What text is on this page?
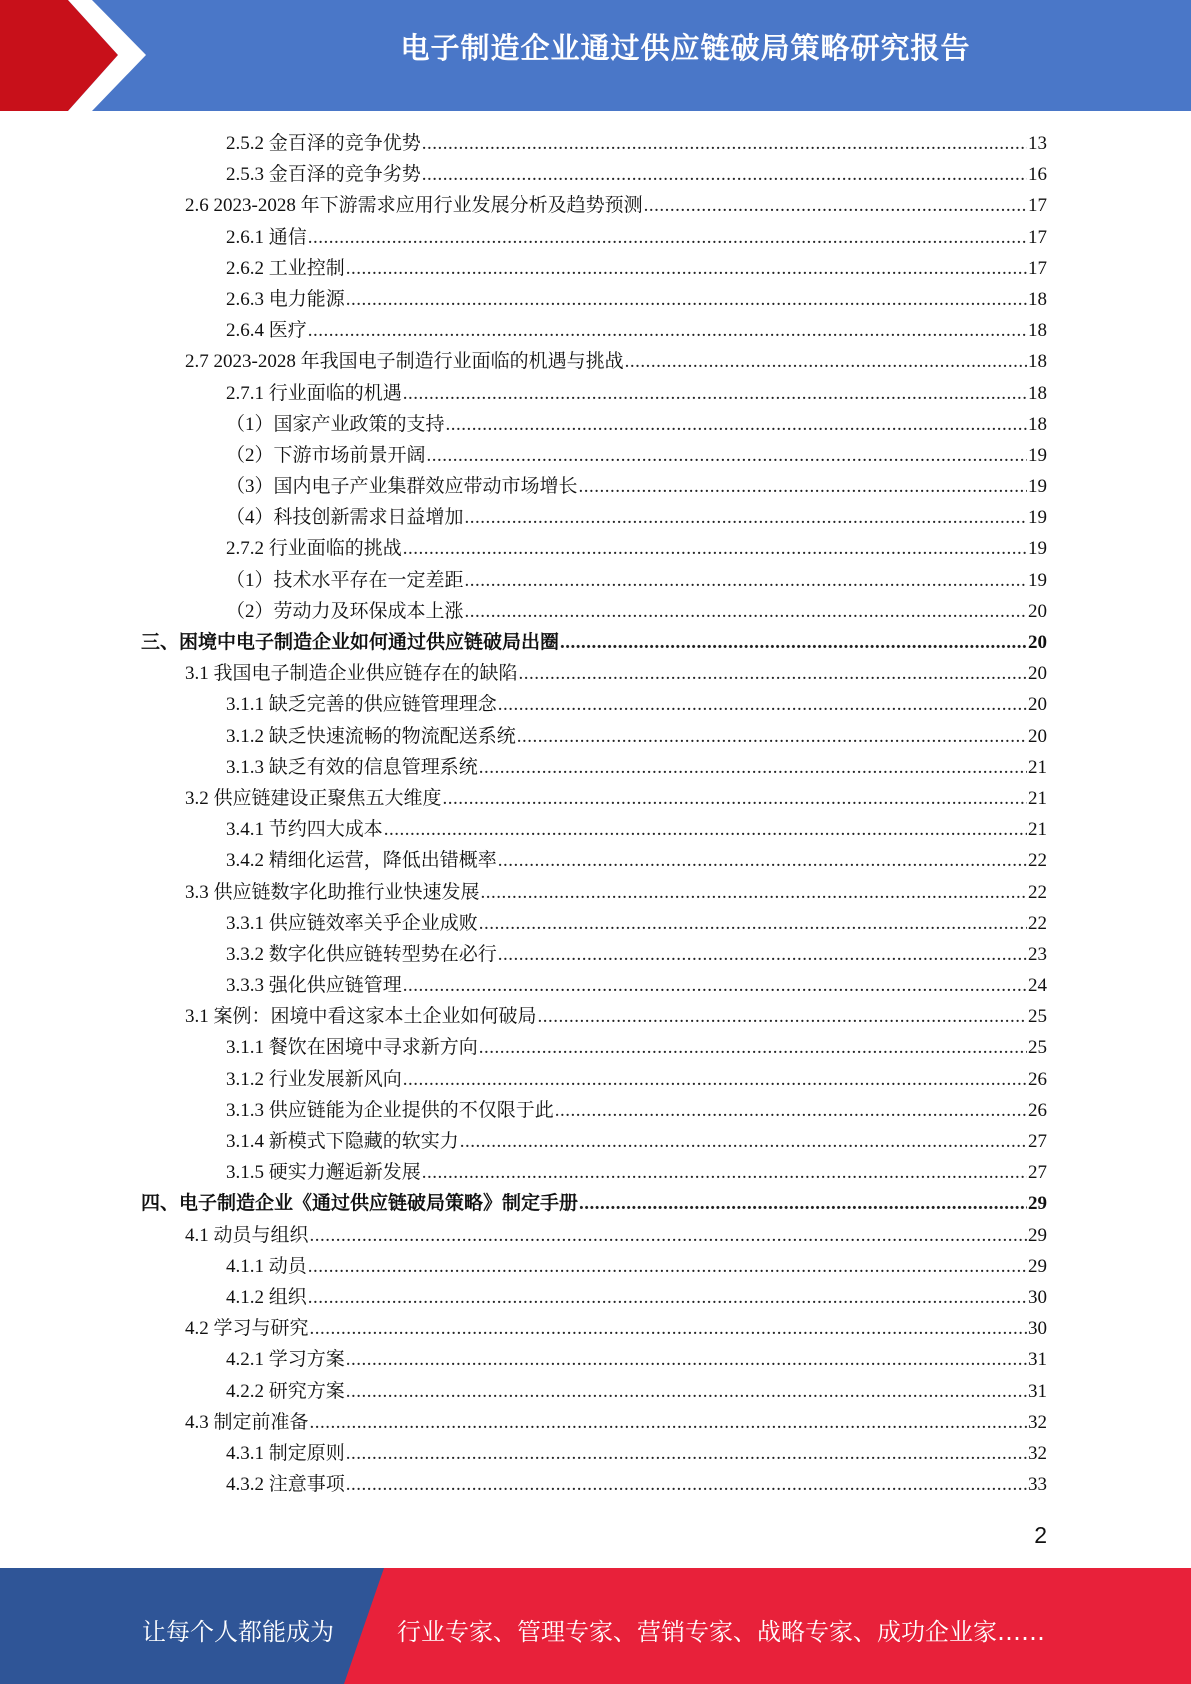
电子制造企业通过供应链破局策略研究报告
2.5.2 金百泽的竞争优势 .....	13
2.5.3 金百泽的竞争劣势 .....	16
2.6 2023-2028 年下游需求应用行业发展分析及趋势预测 .....	17
2.6.1 通信 .....	17
2.6.2 工业控制 .....	17
2.6.3 电力能源 .....	18
2.6.4 医疗 .....	18
2.7 2023-2028 年我国电子制造行业面临的机遇与挑战 .....	18
2.7.1 行业面临的机遇 .....	18
（1）国家产业政策的支持 .....	18
（2）下游市场前景开阔 .....	19
（3）国内电子产业集群效应带动市场增长 .....	19
（4）科技创新需求日益增加 .....	19
2.7.2 行业面临的挑战 .....	19
（1）技术水平存在一定差距 .....	19
（2）劳动力及环保成本上涨 .....	20
三、困境中电子制造企业如何通过供应链破局出圈 .....	20
3.1 我国电子制造企业供应链存在的缺陷 .....	20
3.1.1 缺乏完善的供应链管理理念 .....	20
3.1.2 缺乏快速流畅的物流配送系统 .....	20
3.1.3 缺乏有效的信息管理系统 .....	21
3.2 供应链建设正聚焦五大维度 .....	21
3.4.1 节约四大成本 .....	21
3.4.2 精细化运营，降低出错概率 .....	22
3.3 供应链数字化助推行业快速发展 .....	22
3.3.1 供应链效率关乎企业成败 .....	22
3.3.2 数字化供应链转型势在必行 .....	23
3.3.3 强化供应链管理 .....	24
3.1 案例：困境中看这家本土企业如何破局 .....	25
3.1.1 餐饮在困境中寻求新方向 .....	25
3.1.2 行业发展新风向 .....	26
3.1.3 供应链能为企业提供的不仅限于此 .....	26
3.1.4 新模式下隐藏的软实力 .....	27
3.1.5 硬实力邂逅新发展 .....	27
四、电子制造企业《通过供应链破局策略》制定手册 .....	29
4.1 动员与组织 .....	29
4.1.1 动员 .....	29
4.1.2 组织 .....	30
4.2 学习与研究 .....	30
4.2.1 学习方案 .....	31
4.2.2 研究方案 .....	31
4.3 制定前准备 .....	32
4.3.1 制定原则 .....	32
4.3.2 注意事项 .....	33
2
让每个人都能成为	行业专家、管理专家、营销专家、战略专家、成功企业家……
